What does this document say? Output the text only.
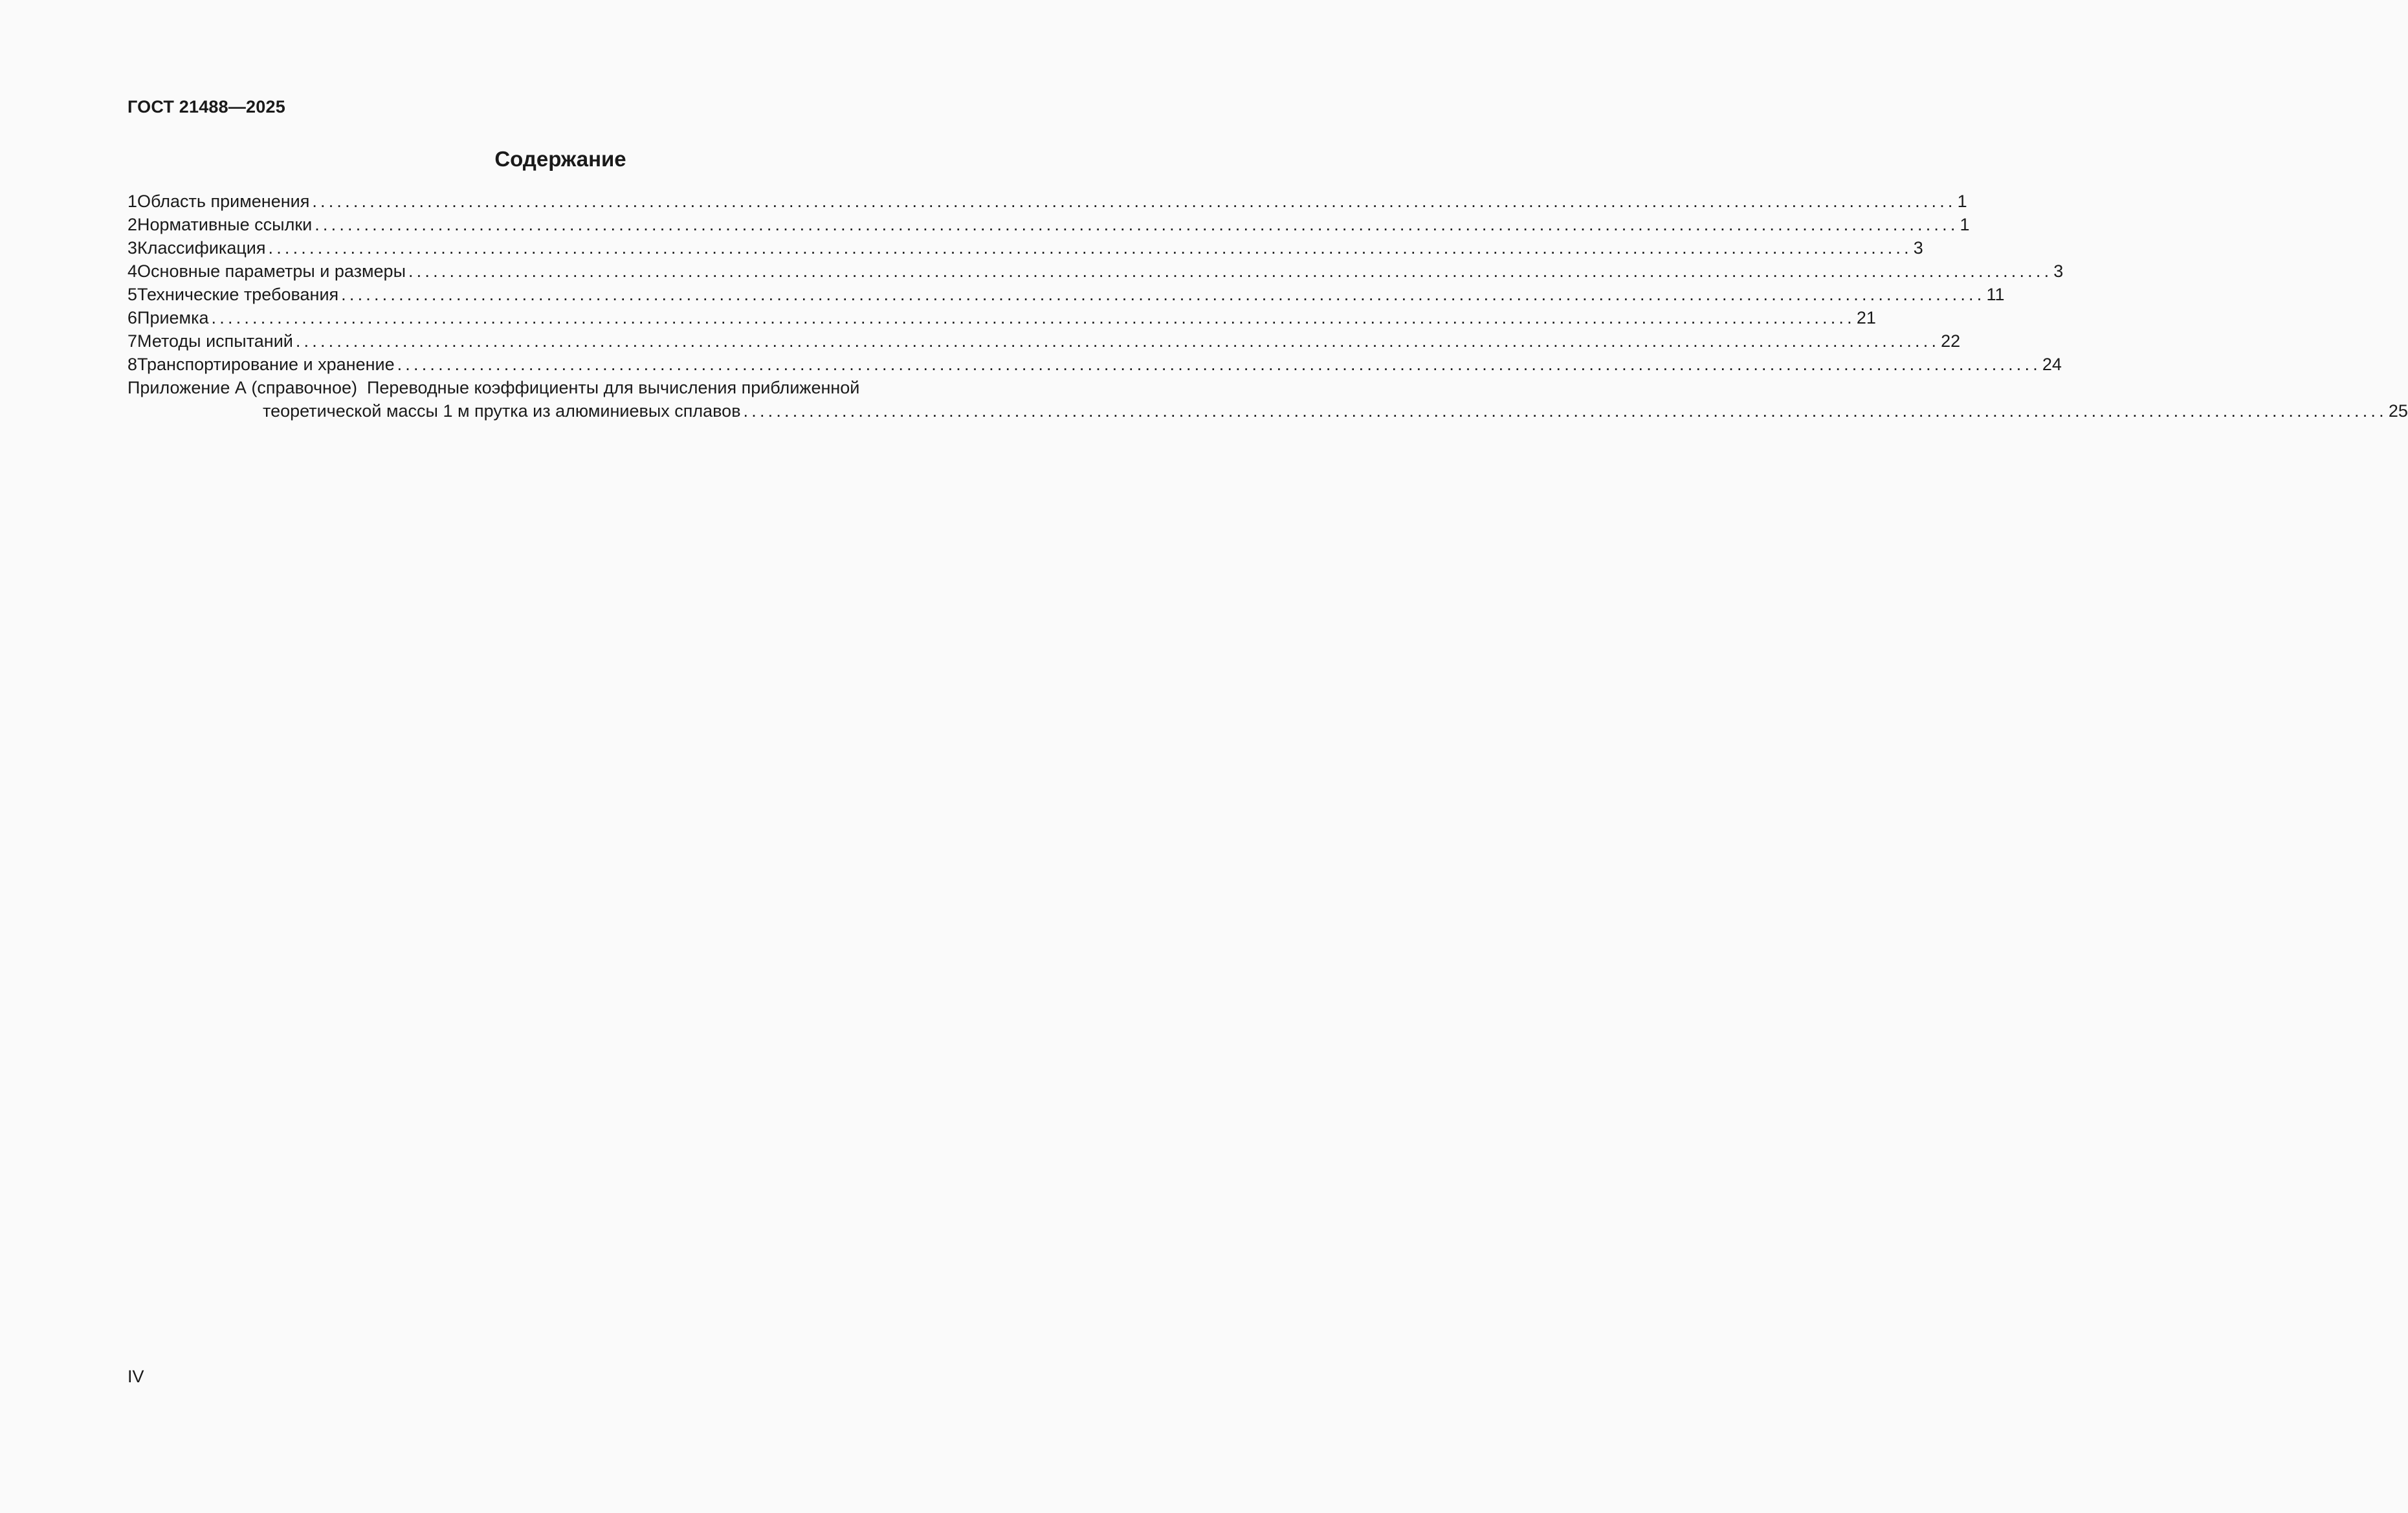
ГОСТ 21488—2025
Содержание
1 Область применения ........................................................................................................................................................................................................ 1
2 Нормативные ссылки ........................................................................................................................................................................................................ 1
3 Классификация ........................................................................................................................................................................................................ 3
4 Основные параметры и размеры ........................................................................................................................................................................................................ 3
5 Технические требования ........................................................................................................................................................................................................ 11
6 Приемка ........................................................................................................................................................................................................ 21
7 Методы испытаний ........................................................................................................................................................................................................ 22
8 Транспортирование и хранение ........................................................................................................................................................................................................ 24
Приложение А (справочное) Переводные коэффициенты для вычисления приближенной
теоретической массы 1 м прутка из алюминиевых сплавов ........................................................................................................................................................................................................ 25
IV
